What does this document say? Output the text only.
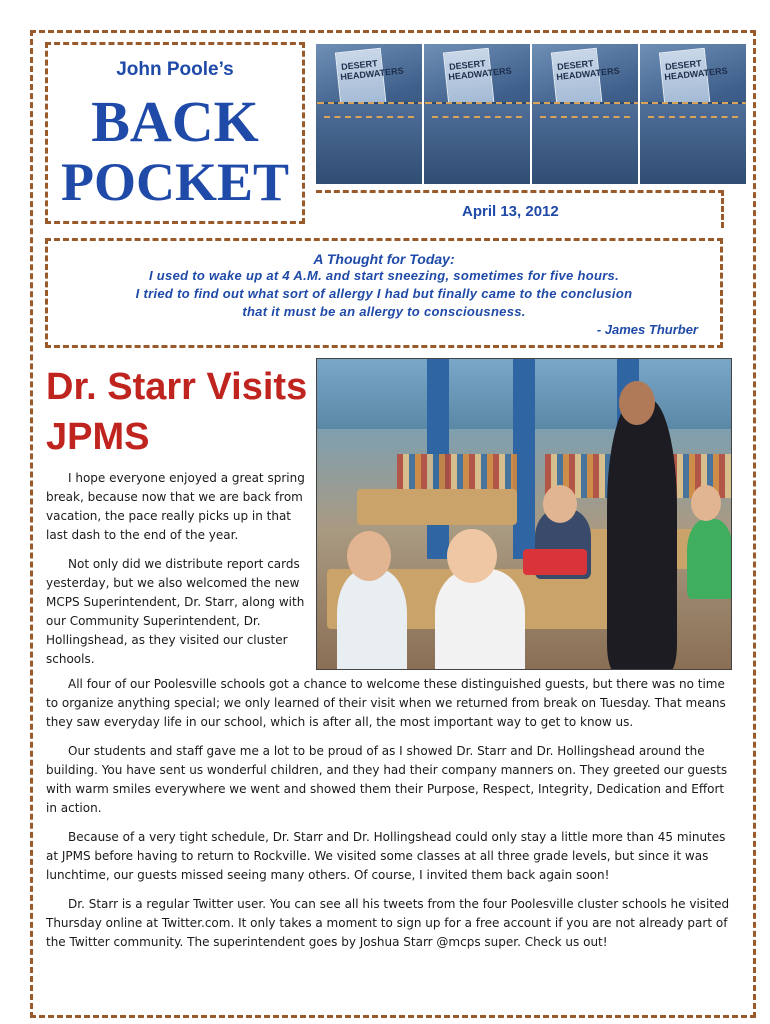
John Poole’s
BACK
POCKET
DESERT HEADWATERS
DESERT HEADWATERS
DESERT HEADWATERS
DESERT HEADWATERS
April 13, 2012
A Thought for Today:
I used to wake up at 4 A.M. and start sneezing, sometimes for five hours.
I tried to find out what sort of allergy I had but finally came to the conclusion
that it must be an allergy to consciousness.
- James Thurber
Dr. Starr Visits JPMS

I hope everyone enjoyed a great spring break, because now that we are back from vacation, the pace really picks up in that last dash to the end of the year.

Not only did we distribute report cards yesterday, but we also welcomed the new MCPS Superintendent, Dr. Starr, along with our Community Superintendent, Dr. Hollingshead, as they visited our cluster schools.

All four of our Poolesville schools got a chance to welcome these distinguished guests, but there was no time to organize anything special; we only learned of their visit when we returned from break on Tuesday. That means they saw everyday life in our school, which is after all, the most important way to get to know us.

Our students and staff gave me a lot to be proud of as I showed Dr. Starr and Dr. Hollingshead around the building. You have sent us wonderful children, and they had their company manners on. They greeted our guests with warm smiles everywhere we went and showed them their Purpose, Respect, Integrity, Dedication and Effort in action.

Because of a very tight schedule, Dr. Starr and Dr. Hollingshead could only stay a little more than 45 minutes at JPMS before having to return to Rockville. We visited some classes at all three grade levels, but since it was lunchtime, our guests missed seeing many others. Of course, I invited them back again soon!

Dr. Starr is a regular Twitter user. You can see all his tweets from the four Poolesville cluster schools he visited Thursday online at Twitter.com. It only takes a moment to sign up for a free account if you are not already part of the Twitter community. The superintendent goes by Joshua Starr @mcps super. Check us out!
